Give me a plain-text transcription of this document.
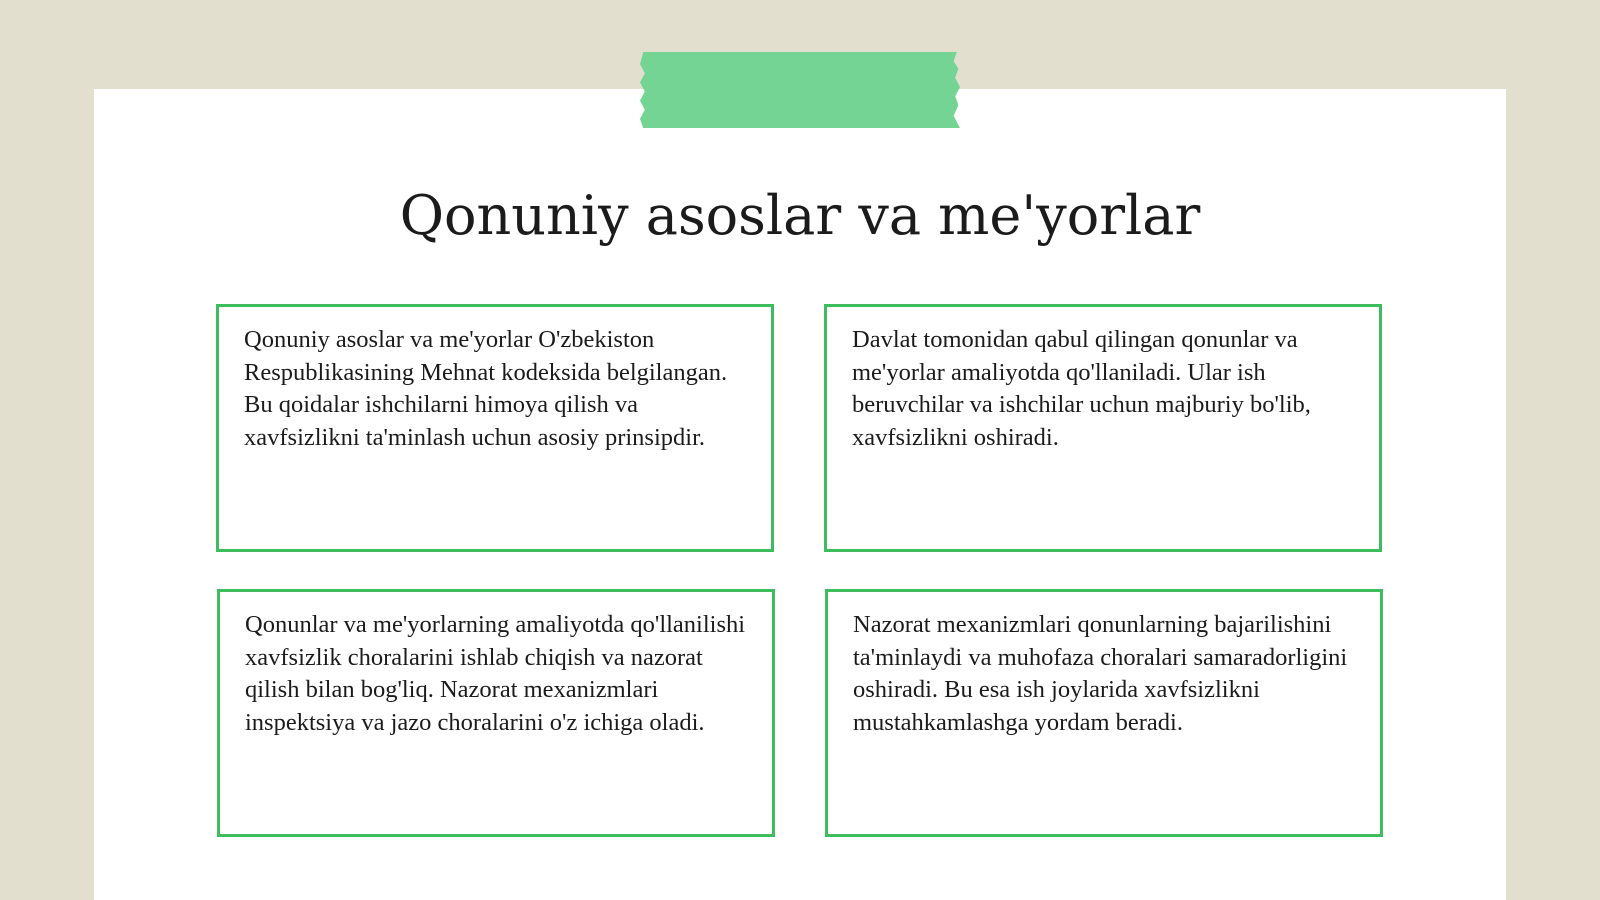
Qonuniy asoslar va me'yorlar

Qonuniy asoslar va me'yorlar O'zbekiston Respublikasining Mehnat kodeksida belgilangan. Bu qoidalar ishchilarni himoya qilish va xavfsizlikni ta'minlash uchun asosiy prinsipdir.

Davlat tomonidan qabul qilingan qonunlar va me'yorlar amaliyotda qo'llaniladi. Ular ish beruvchilar va ishchilar uchun majburiy bo'lib, xavfsizlikni oshiradi.

Qonunlar va me'yorlarning amaliyotda qo'llanilishi xavfsizlik choralarini ishlab chiqish va nazorat qilish bilan bog'liq. Nazorat mexanizmlari inspektsiya va jazo choralarini o'z ichiga oladi.

Nazorat mexanizmlari qonunlarning bajarilishini ta'minlaydi va muhofaza choralari samaradorligini oshiradi. Bu esa ish joylarida xavfsizlikni mustahkamlashga yordam beradi.
